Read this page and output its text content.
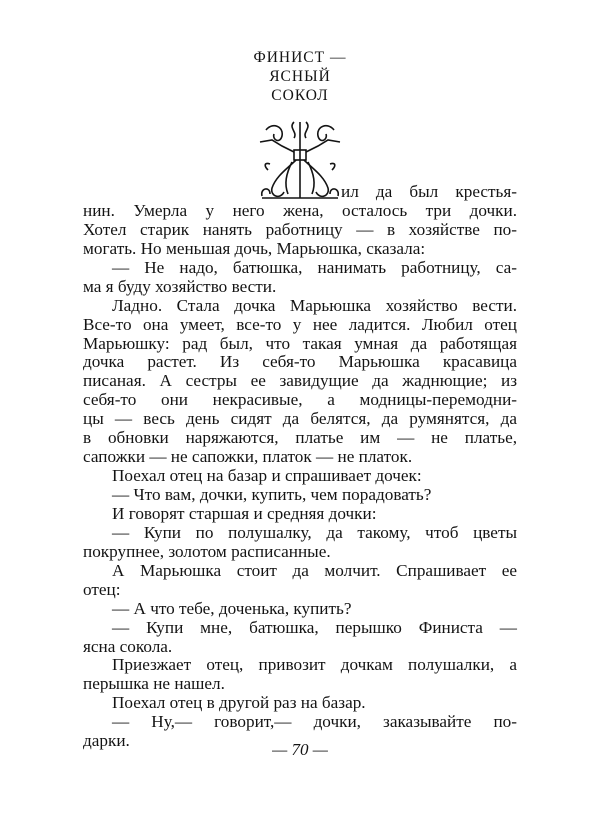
ФИНИСТ —
ЯСНЫЙ
СОКОЛ
ил да был крестья-
нин. Умерла у него жена, осталось три дочки.
Хотел старик нанять работницу — в хозяйстве по-
могать. Но меньшая дочь, Марьюшка, сказала:
— Не надо, батюшка, нанимать работницу, са-
ма я буду хозяйство вести.
Ладно. Стала дочка Марьюшка хозяйство вести.
Все-то она умеет, все-то у нее ладится. Любил отец
Марьюшку: рад был, что такая умная да работящая
дочка растет. Из себя-то Марьюшка красавица
писаная. А сестры ее завидущие да жаднющие; из
себя-то они некрасивые, а модницы-перемодни-
цы — весь день сидят да белятся, да румянятся, да
в обновки наряжаются, платье им — не платье,
сапожки — не сапожки, платок — не платок.
Поехал отец на базар и спрашивает дочек:
— Что вам, дочки, купить, чем порадовать?
И говорят старшая и средняя дочки:
— Купи по полушалку, да такому, чтоб цветы
покрупнее, золотом расписанные.
А Марьюшка стоит да молчит. Спрашивает ее
отец:
— А что тебе, доченька, купить?
— Купи мне, батюшка, перышко Финиста —
ясна сокола.
Приезжает отец, привозит дочкам полушалки, а
перышка не нашел.
Поехал отец в другой раз на базар.
— Ну,— говорит,— дочки, заказывайте по-
дарки.	— 70 —
